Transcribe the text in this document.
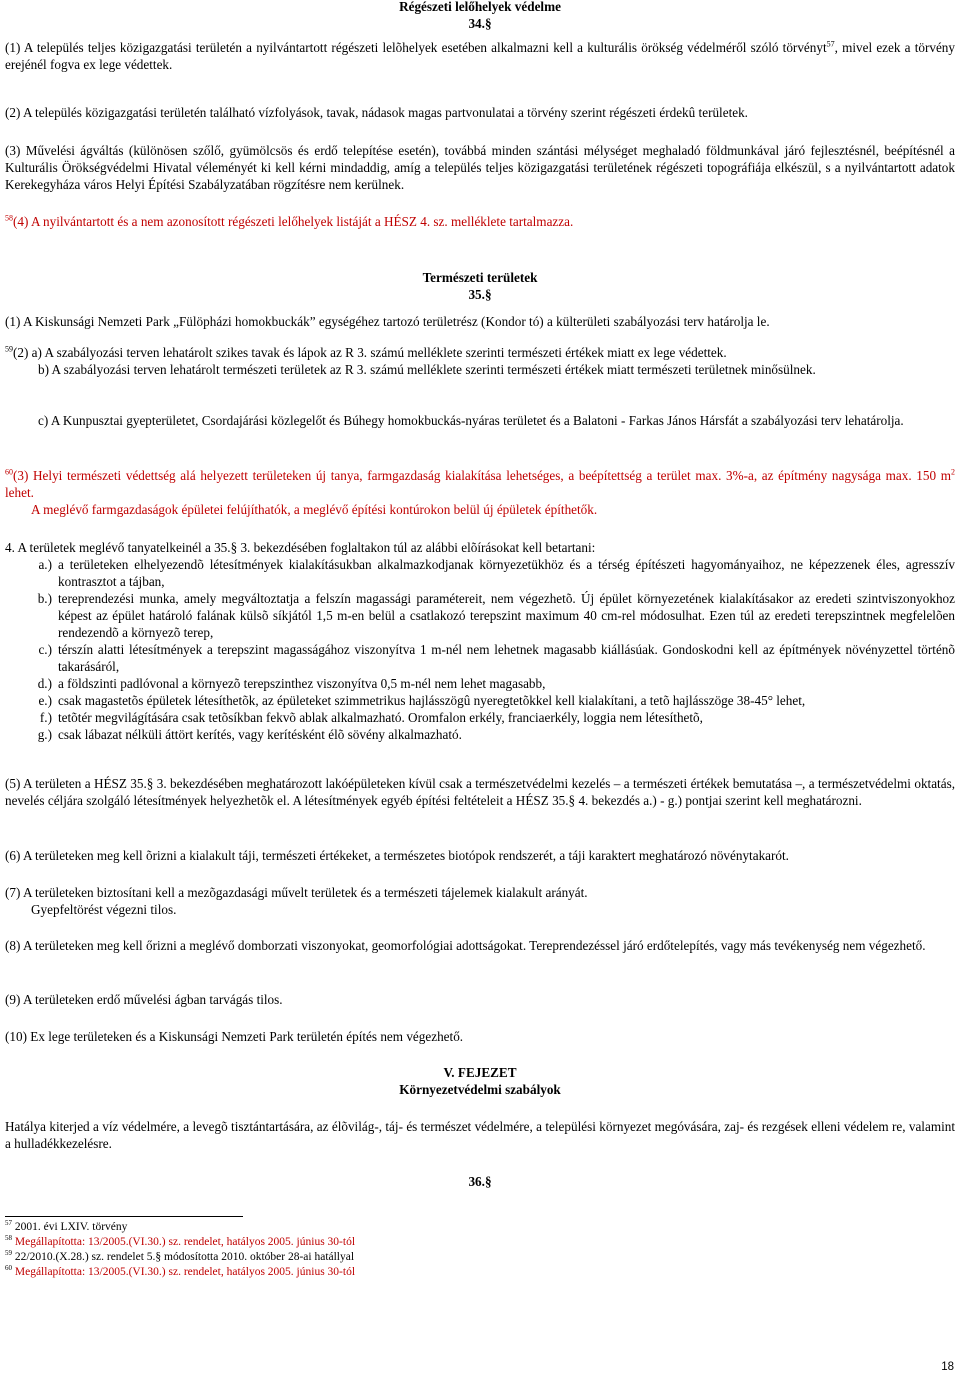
Régészeti lelőhelyek védelme
34.§

(1) A település teljes közigazgatási területén a nyilvántartott régészeti lelõhelyek esetében alkalmazni kell a kulturális örökség védelméről szóló törvényt$^{57}$, mivel ezek a törvény erejénél fogva ex lege védettek.

(2) A település közigazgatási területén található vízfolyások, tavak, nádasok magas partvonulatai a törvény szerint régészeti érdekû területek.

(3) Művelési ágváltás (különösen szőlő, gyümölcsös és erdő telepítése esetén), továbbá minden szántási mélységet meghaladó földmunkával járó fejlesztésnél, beépítésnél a Kulturális Örökségvédelmi Hivatal véleményét ki kell kérni mindaddig, amíg a település teljes közigazgatási területének régészeti topográfiája elkészül, s a nyilvántartott adatok Kerekegyháza város Helyi Építési Szabályzatában rögzítésre nem kerülnek.

$^{58}$(4) A nyilvántartott és a nem azonosított régészeti lelőhelyek listáját a HÉSZ 4. sz. melléklete tartalmazza.

Természeti területek
35.§

(1) A Kiskunsági Nemzeti Park „Fülöpházi homokbuckák” egységéhez tartozó területrész (Kondor tó) a külterületi szabályozási terv határolja le.

$^{59}$(2) a) A szabályozási terven lehatárolt szikes tavak és lápok az R 3. számú melléklete szerinti természeti értékek miatt ex lege védettek.

b) A szabályozási terven lehatárolt természeti területek az R 3. számú melléklete szerinti természeti értékek miatt természeti területnek minősülnek.

c) A Kunpusztai gyepterületet, Csordajárási közlegelőt és Búhegy homokbuckás-nyáras területet és a Balatoni - Farkas János Hársfát a szabályozási terv lehatárolja.

$^{60}$(3) Helyi természeti védettség alá helyezett területeken új tanya, farmgazdaság kialakítása lehetséges, a beépítettség a terület max. 3%-a, az építmény nagysága max. 150 $m^2$ lehet.

A meglévő farmgazdaságok épületei felújíthatók, a meglévő építési kontúrokon belül új épületek építhetők.

4. A területek meglévő tanyatelkeinél a 35.§ 3. bekezdésében foglaltakon túl az alábbi elõírásokat kell betartani:

a.) a területeken elhelyezendõ létesítmények kialakításukban alkalmazkodjanak környezetükhöz és a térség építészeti hagyományaihoz, ne képezzenek éles, agresszív kontrasztot a tájban,
b.) tereprendezési munka, amely megváltoztatja a felszín magassági paramétereit, nem végezhetõ. Új épület környezetének kialakításakor az eredeti szintviszonyokhoz képest az épület határoló falának külsõ síkjától 1,5 m-en belül a csatlakozó terepszint maximum 40 cm-rel módosulhat. Ezen túl az eredeti terepszintnek megfelelõen rendezendõ a környezõ terep,
c.) térszín alatti létesítmények a terepszint magasságához viszonyítva 1 m-nél nem lehetnek magasabb kiállásúak. Gondoskodni kell az építmények növényzettel történõ takarásáról,
d.) a földszinti padlóvonal a környezõ terepszinthez viszonyítva 0,5 m-nél nem lehet magasabb,
e.) csak magastetõs épületek létesíthetõk, az épületeket szimmetrikus hajlásszögû nyeregtetõkkel kell kialakítani, a tetõ hajlásszöge 38-45° lehet,
f.) tetõtér megvilágítására csak tetõsíkban fekvõ ablak alkalmazható. Oromfalon erkély, franciaerkély, loggia nem létesíthetõ,
g.) csak lábazat nélküli áttört kerítés, vagy kerítésként élõ sövény alkalmazható.

(5) A területen a HÉSZ 35.§ 3. bekezdésében meghatározott lakóépületeken kívül csak a természetvédelmi kezelés – a természeti értékek bemutatása –, a természetvédelmi oktatás, nevelés céljára szolgáló létesítmények helyezhetõk el. A létesítmények egyéb építési feltételeit a HÉSZ 35.§ 4. bekezdés a.) - g.) pontjai szerint kell meghatározni.

(6) A területeken meg kell õrizni a kialakult táji, természeti értékeket, a természetes biotópok rendszerét, a táji karaktert meghatározó növénytakarót.

(7) A területeken biztosítani kell a mezõgazdasági művelt területek és a természeti tájelemek kialakult arányát.

Gyepfeltörést végezni tilos.

(8) A területeken meg kell őrizni a meglévő domborzati viszonyokat, geomorfológiai adottságokat. Tereprendezéssel járó erdőtelepítés, vagy más tevékenység nem végezhető.

(9) A területeken erdő művelési ágban tarvágás tilos.

(10) Ex lege területeken és a Kiskunsági Nemzeti Park területén építés nem végezhető.

V. FEJEZET
Környezetvédelmi szabályok

Hatálya kiterjed a víz védelmére, a levegõ tisztántartására, az élõvilág-, táj- és természet védelmére, a települési környezet megóvására, zaj- és rezgések elleni védelem re, valamint a hulladékkezelésre.

36.§
$^{57}$ 2001. évi LXIV. törvény
$^{58}$ Megállapította: 13/2005.(VI.30.) sz. rendelet, hatályos 2005. június 30-tól
$^{59}$ 22/2010.(X.28.) sz. rendelet 5.§ módosította 2010. október 28-ai hatállyal
$^{60}$ Megállapította: 13/2005.(VI.30.) sz. rendelet, hatályos 2005. június 30-tól
18
